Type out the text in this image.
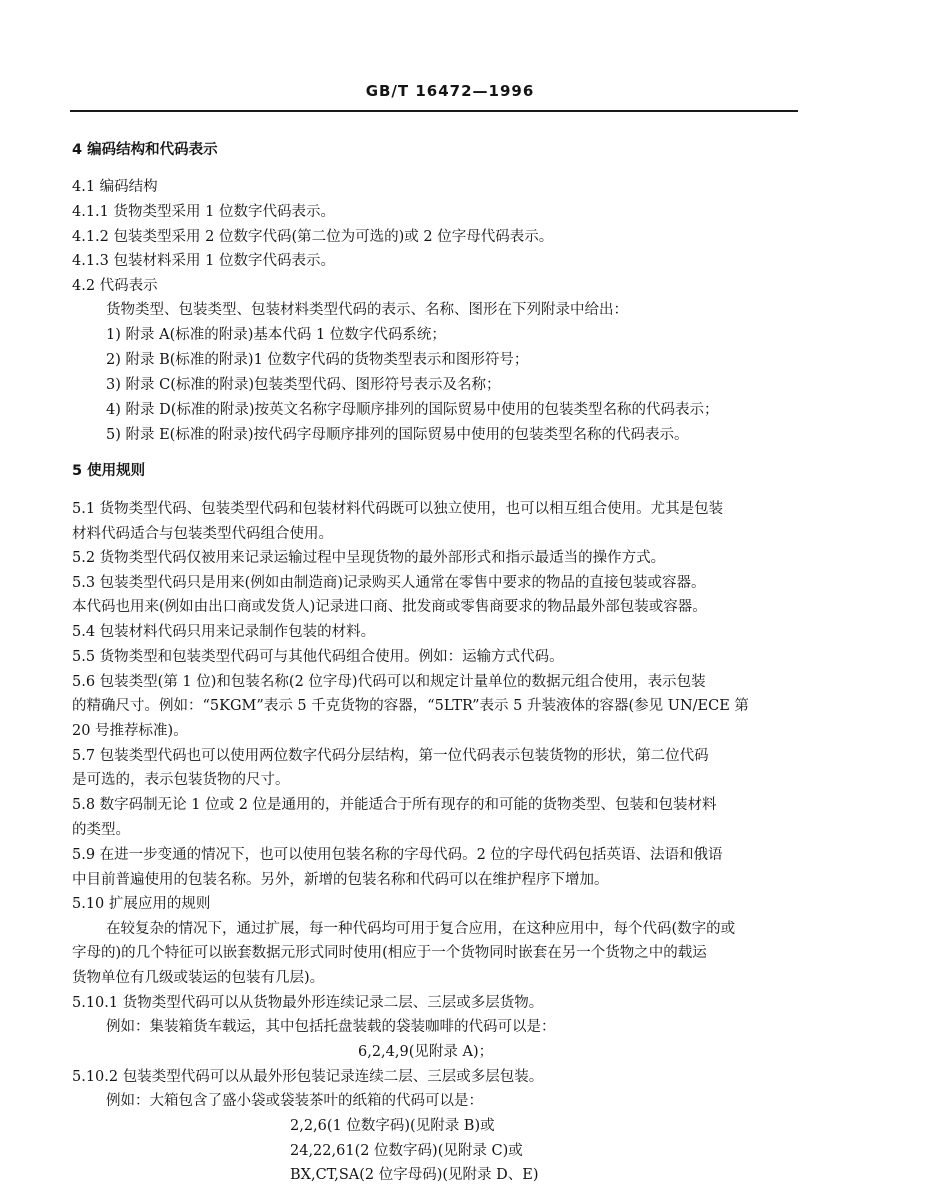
GB/T 16472—1996
4 编码结构和代码表示
4.1 编码结构
4.1.1 货物类型采用 1 位数字代码表示。
4.1.2 包装类型采用 2 位数字代码(第二位为可选的)或 2 位字母代码表示。
4.1.3 包装材料采用 1 位数字代码表示。
4.2 代码表示
货物类型、包装类型、包装材料类型代码的表示、名称、图形在下列附录中给出：
1) 附录 A(标准的附录)基本代码 1 位数字代码系统；
2) 附录 B(标准的附录)1 位数字代码的货物类型表示和图形符号；
3) 附录 C(标准的附录)包装类型代码、图形符号表示及名称；
4) 附录 D(标准的附录)按英文名称字母顺序排列的国际贸易中使用的包装类型名称的代码表示；
5) 附录 E(标准的附录)按代码字母顺序排列的国际贸易中使用的包装类型名称的代码表示。
5 使用规则
5.1 货物类型代码、包装类型代码和包装材料代码既可以独立使用，也可以相互组合使用。尤其是包装
材料代码适合与包装类型代码组合使用。
5.2 货物类型代码仅被用来记录运输过程中呈现货物的最外部形式和指示最适当的操作方式。
5.3 包装类型代码只是用来(例如由制造商)记录购买人通常在零售中要求的物品的直接包装或容器。
本代码也用来(例如由出口商或发货人)记录进口商、批发商或零售商要求的物品最外部包装或容器。
5.4 包装材料代码只用来记录制作包装的材料。
5.5 货物类型和包装类型代码可与其他代码组合使用。例如：运输方式代码。
5.6 包装类型(第 1 位)和包装名称(2 位字母)代码可以和规定计量单位的数据元组合使用，表示包装
的精确尺寸。例如：“5KGM”表示 5 千克货物的容器，“5LTR”表示 5 升装液体的容器(参见 UN/ECE 第
20 号推荐标准)。
5.7 包装类型代码也可以使用两位数字代码分层结构，第一位代码表示包装货物的形状，第二位代码
是可选的，表示包装货物的尺寸。
5.8 数字码制无论 1 位或 2 位是通用的，并能适合于所有现存的和可能的货物类型、包装和包装材料
的类型。
5.9 在进一步变通的情况下，也可以使用包装名称的字母代码。2 位的字母代码包括英语、法语和俄语
中目前普遍使用的包装名称。另外，新增的包装名称和代码可以在维护程序下增加。
5.10 扩展应用的规则
在较复杂的情况下，通过扩展，每一种代码均可用于复合应用，在这种应用中，每个代码(数字的或
字母的)的几个特征可以嵌套数据元形式同时使用(相应于一个货物同时嵌套在另一个货物之中的载运
货物单位有几级或装运的包装有几层)。
5.10.1 货物类型代码可以从货物最外形连续记录二层、三层或多层货物。
例如：集装箱货车载运，其中包括托盘装载的袋装咖啡的代码可以是：
6,2,4,9(见附录 A)；
5.10.2 包装类型代码可以从最外形包装记录连续二层、三层或多层包装。
例如：大箱包含了盛小袋或袋装茶叶的纸箱的代码可以是：
2,2,6(1 位数字码)(见附录 B)或
24,22,61(2 位数字码)(见附录 C)或
BX,CT,SA(2 位字母码)(见附录 D、E)
